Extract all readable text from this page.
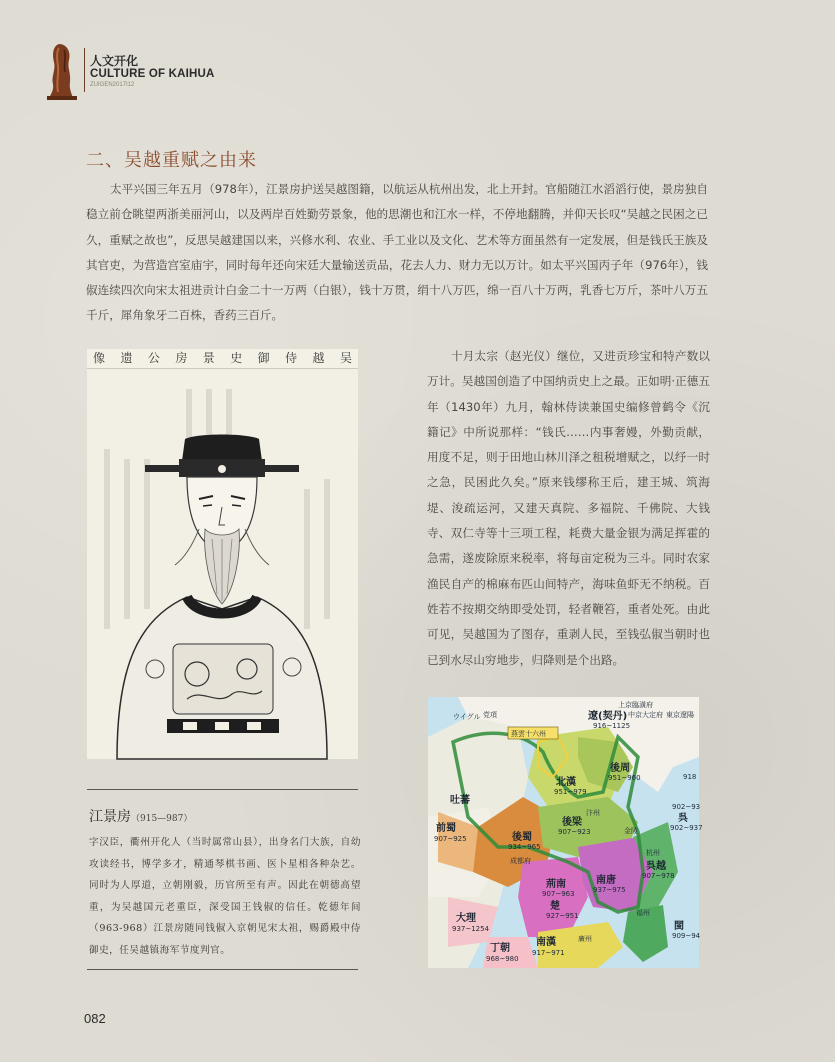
人文开化
CULTURE OF KAIHUA
ZUIGEN2017I12
二、吴越重赋之由来
太平兴国三年五月（978年），江景房护送吴越图籍，以航运从杭州出发，北上开封。官船随江水滔滔行使，景房独自稳立前仓眺望两浙美丽河山，以及两岸百姓勤劳景象，他的思潮也和江水一样，不停地翻腾，并仰天长叹“吴越之民困之已久，重赋之故也”，反思吴越建国以来，兴修水利、农业、手工业以及文化、艺术等方面虽然有一定发展，但是钱氏王族及其官吏，为营造宫室庙宇，同时每年还向宋廷大量输送贡品，花去人力、财力无以万计。如太平兴国丙子年（976年），钱俶连续四次向宋太祖进贡计白金二十一万两（白银），钱十万贯，绢十八万匹，绵一百八十万两，乳香七万斤，茶叶八万五千斤，犀角象牙二百株，香药三百斤。
像 遗 公 房 景 史 御 侍 越 吴
江景房（915—987）
字汉臣，衢州开化人（当时属常山县），出身名门大族，自幼攻读经书，博学多才，精通琴棋书画、医卜星相各种杂艺。同时为人厚道，立朝刚毅，历官所至有声。因此在朝德高望重，为吴越国元老重臣，深受国王钱俶的信任。乾德年间（963-968）江景房随同钱俶入京朝见宋太祖，赐爵殿中侍御史，任吴越镇海军节度判官。
十月太宗（赵光仪）继位，又进贡珍宝和特产数以万计。吴越国创造了中国纳贡史上之最。正如明·正德五年（1430年）九月，翰林侍读兼国史编修曾鹤令《沉籍记》中所说那样：“钱氏……内事奢嫚，外勤贡献，用度不足，则于田地山林川泽之租税增赋之，以纾一时之急，民困此久矣。”原来钱缪称王后，建王城、筑海堤、浚疏运河，又建天真院、多福院、千佛院、大钱寺、双仁寺等十三项工程，耗费大量金银为满足挥霍的急需，遂废除原来税率，将每亩定税为三斗。同时农家渔民自产的棉麻布匹山间特产，海味鱼虾无不纳税。百姓若不按期交纳即受处罚，轻者鞭笞，重者处死。由此可见，吴越国为了图存，重剥人民，至钱弘俶当朝时也已到水尽山穷地步，归降则是个出路。
上京臨潢府
遼(契丹)
916~1125
中京大定府 東京遼陽
ウイグル 党項
燕雲十六州
北漢
951~979
後周
951~960	918
後梁
907~923
汴州
後蜀
934~965
成都府
前蜀
907~925
吐蕃
呉
902~937
金陵
荊南
907~963
南唐
937~975
呉越
907~978
杭州
楚
927~951
閩
909~94
福州
南漢
917~971
廣州
大理
937~1254
丁朝
968~980
902~93
082
